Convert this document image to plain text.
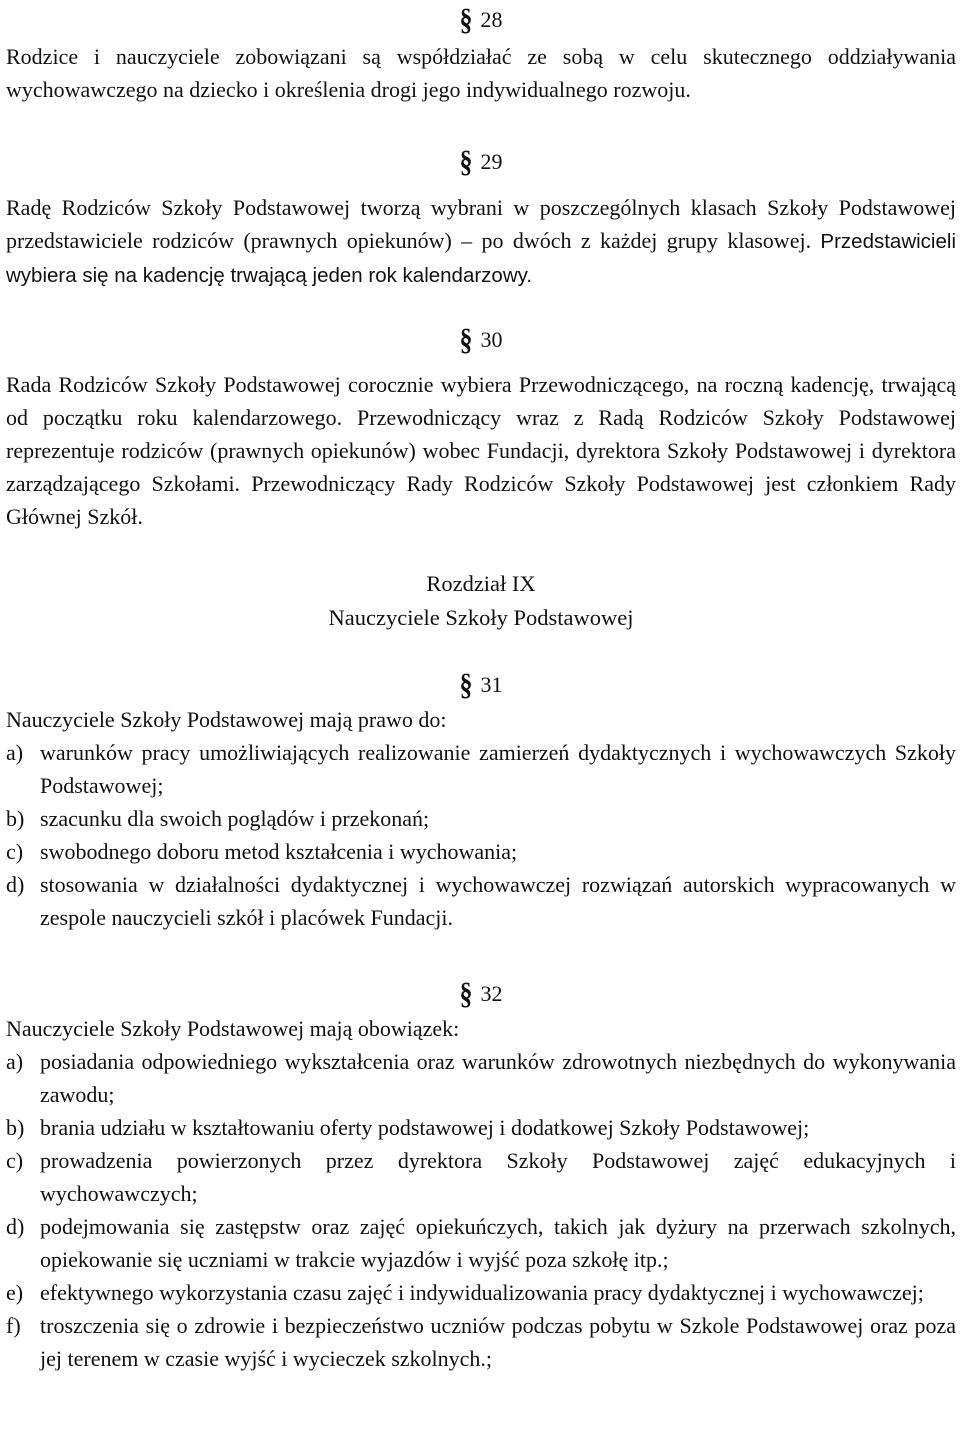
§ 28

Rodzice i nauczyciele zobowiązani są współdziałać ze sobą w celu skutecznego oddziaływania wychowawczego na dziecko i określenia drogi jego indywidualnego rozwoju.

§ 29

Radę Rodziców Szkoły Podstawowej tworzą wybrani w poszczególnych klasach Szkoły Podstawowej przedstawiciele rodziców (prawnych opiekunów) – po dwóch z każdej grupy klasowej. Przedstawicieli wybiera się na kadencję trwającą jeden rok kalendarzowy.

§ 30

Rada Rodziców Szkoły Podstawowej corocznie wybiera Przewodniczącego, na roczną kadencję, trwającą od początku roku kalendarzowego. Przewodniczący wraz z Radą Rodziców Szkoły Podstawowej reprezentuje rodziców (prawnych opiekunów) wobec Fundacji, dyrektora Szkoły Podstawowej i dyrektora zarządzającego Szkołami. Przewodniczący Rady Rodziców Szkoły Podstawowej jest członkiem Rady Głównej Szkół.

Rozdział IX

Nauczyciele Szkoły Podstawowej

§ 31

Nauczyciele Szkoły Podstawowej mają prawo do:

a) warunków pracy umożliwiających realizowanie zamierzeń dydaktycznych i wychowawczych Szkoły Podstawowej;
b) szacunku dla swoich poglądów i przekonań;
c) swobodnego doboru metod kształcenia i wychowania;
d) stosowania w działalności dydaktycznej i wychowawczej rozwiązań autorskich wypracowanych w zespole nauczycieli szkół i placówek Fundacji.
§ 32

Nauczyciele Szkoły Podstawowej mają obowiązek:

a) posiadania odpowiedniego wykształcenia oraz warunków zdrowotnych niezbędnych do wykonywania zawodu;
b) brania udziału w kształtowaniu oferty podstawowej i dodatkowej Szkoły Podstawowej;
c) prowadzenia powierzonych przez dyrektora Szkoły Podstawowej zajęć edukacyjnych i wychowawczych;
d) podejmowania się zastępstw oraz zajęć opiekuńczych, takich jak dyżury na przerwach szkolnych, opiekowanie się uczniami w trakcie wyjazdów i wyjść poza szkołę itp.;
e) efektywnego wykorzystania czasu zajęć i indywidualizowania pracy dydaktycznej i wychowawczej;
f) troszczenia się o zdrowie i bezpieczeństwo uczniów podczas pobytu w Szkole Podstawowej oraz poza jej terenem w czasie wyjść i wycieczek szkolnych.;
